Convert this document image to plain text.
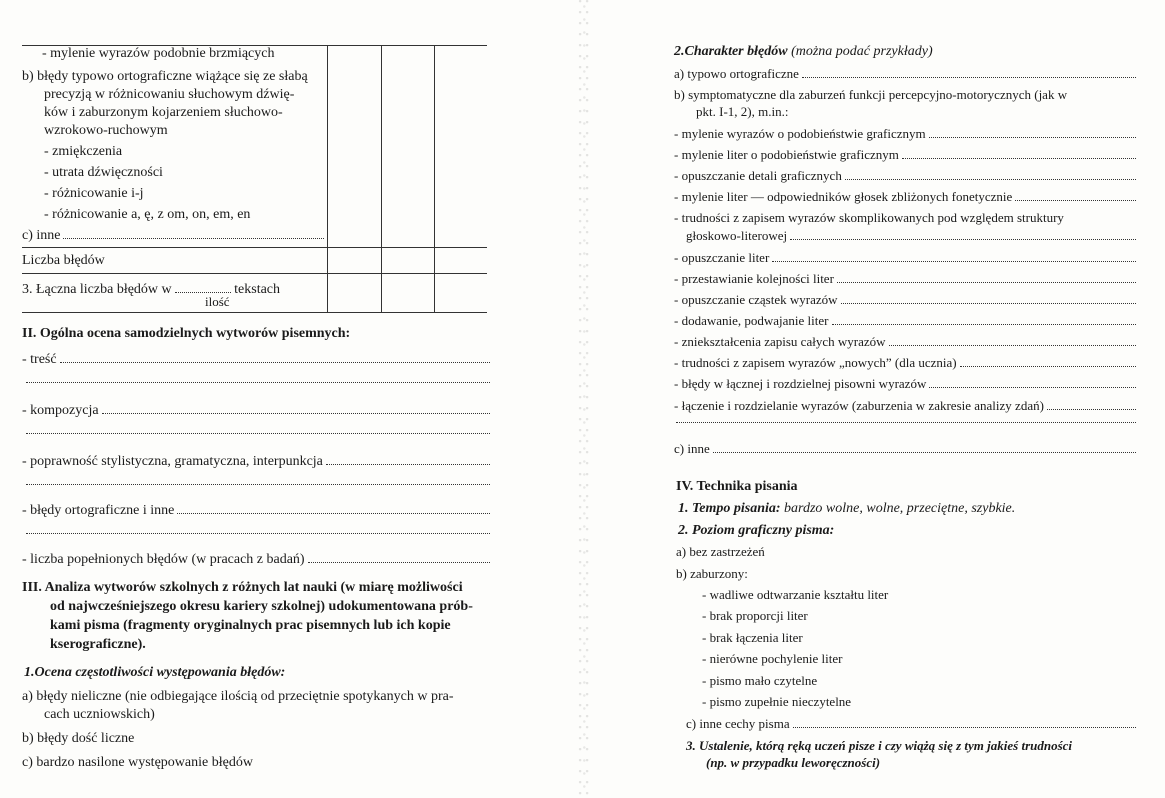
- mylenie wyrazów podobnie brzmiących
b) błędy typowo ortograficzne wiążące się ze słabą
precyzją w różnicowaniu słuchowym dźwię-
ków i zaburzonym kojarzeniem słuchowo-
wzrokowo-ruchowym
- zmiękczenia
- utrata dźwięczności
- różnicowanie i-j
- różnicowanie a, ę, z om, on, em, en
c) inne
Liczba błędów
3. Łączna liczba błędów w	tekstach
ilość
II. Ogólna ocena samodzielnych wytworów pisemnych:
- treść
- kompozycja
- poprawność stylistyczna, gramatyczna, interpunkcja
- błędy ortograficzne i inne
- liczba popełnionych błędów (w pracach z badań)
III. Analiza wytworów szkolnych z różnych lat nauki (w miarę możliwości
od najwcześniejszego okresu kariery szkolnej) udokumentowana prób-
kami pisma (fragmenty oryginalnych prac pisemnych lub ich kopie
kserograficzne).
1.Ocena częstotliwości występowania błędów:
a) błędy nieliczne (nie odbiegające ilością od przeciętnie spotykanych w pra-
cach uczniowskich)
b) błędy dość liczne
c) bardzo nasilone występowanie błędów
2.Charakter błędów (można podać przykłady)
a) typowo ortograficzne
b) symptomatyczne dla zaburzeń funkcji percepcyjno-motorycznych (jak w
pkt. I-1, 2), m.in.:
- mylenie wyrazów o podobieństwie graficznym
- mylenie liter o podobieństwie graficznym
- opuszczanie detali graficznych
- mylenie liter — odpowiedników głosek zbliżonych fonetycznie
- trudności z zapisem wyrazów skomplikowanych pod względem struktury
głoskowo-literowej
- opuszczanie liter
- przestawianie kolejności liter
- opuszczanie cząstek wyrazów
- dodawanie, podwajanie liter
- zniekształcenia zapisu całych wyrazów
- trudności z zapisem wyrazów „nowych” (dla ucznia)
- błędy w łącznej i rozdzielnej pisowni wyrazów
- łączenie i rozdzielanie wyrazów (zaburzenia w zakresie analizy zdań)
c) inne
IV. Technika pisania
1. Tempo pisania: bardzo wolne, wolne, przeciętne, szybkie.
2. Poziom graficzny pisma:
a) bez zastrzeżeń
b) zaburzony:
- wadliwe odtwarzanie kształtu liter
- brak proporcji liter
- brak łączenia liter
- nierówne pochylenie liter
- pismo mało czytelne
- pismo zupełnie nieczytelne
c) inne cechy pisma
3. Ustalenie, którą ręką uczeń pisze i czy wiążą się z tym jakieś trudności
(np. w przypadku leworęczności)
